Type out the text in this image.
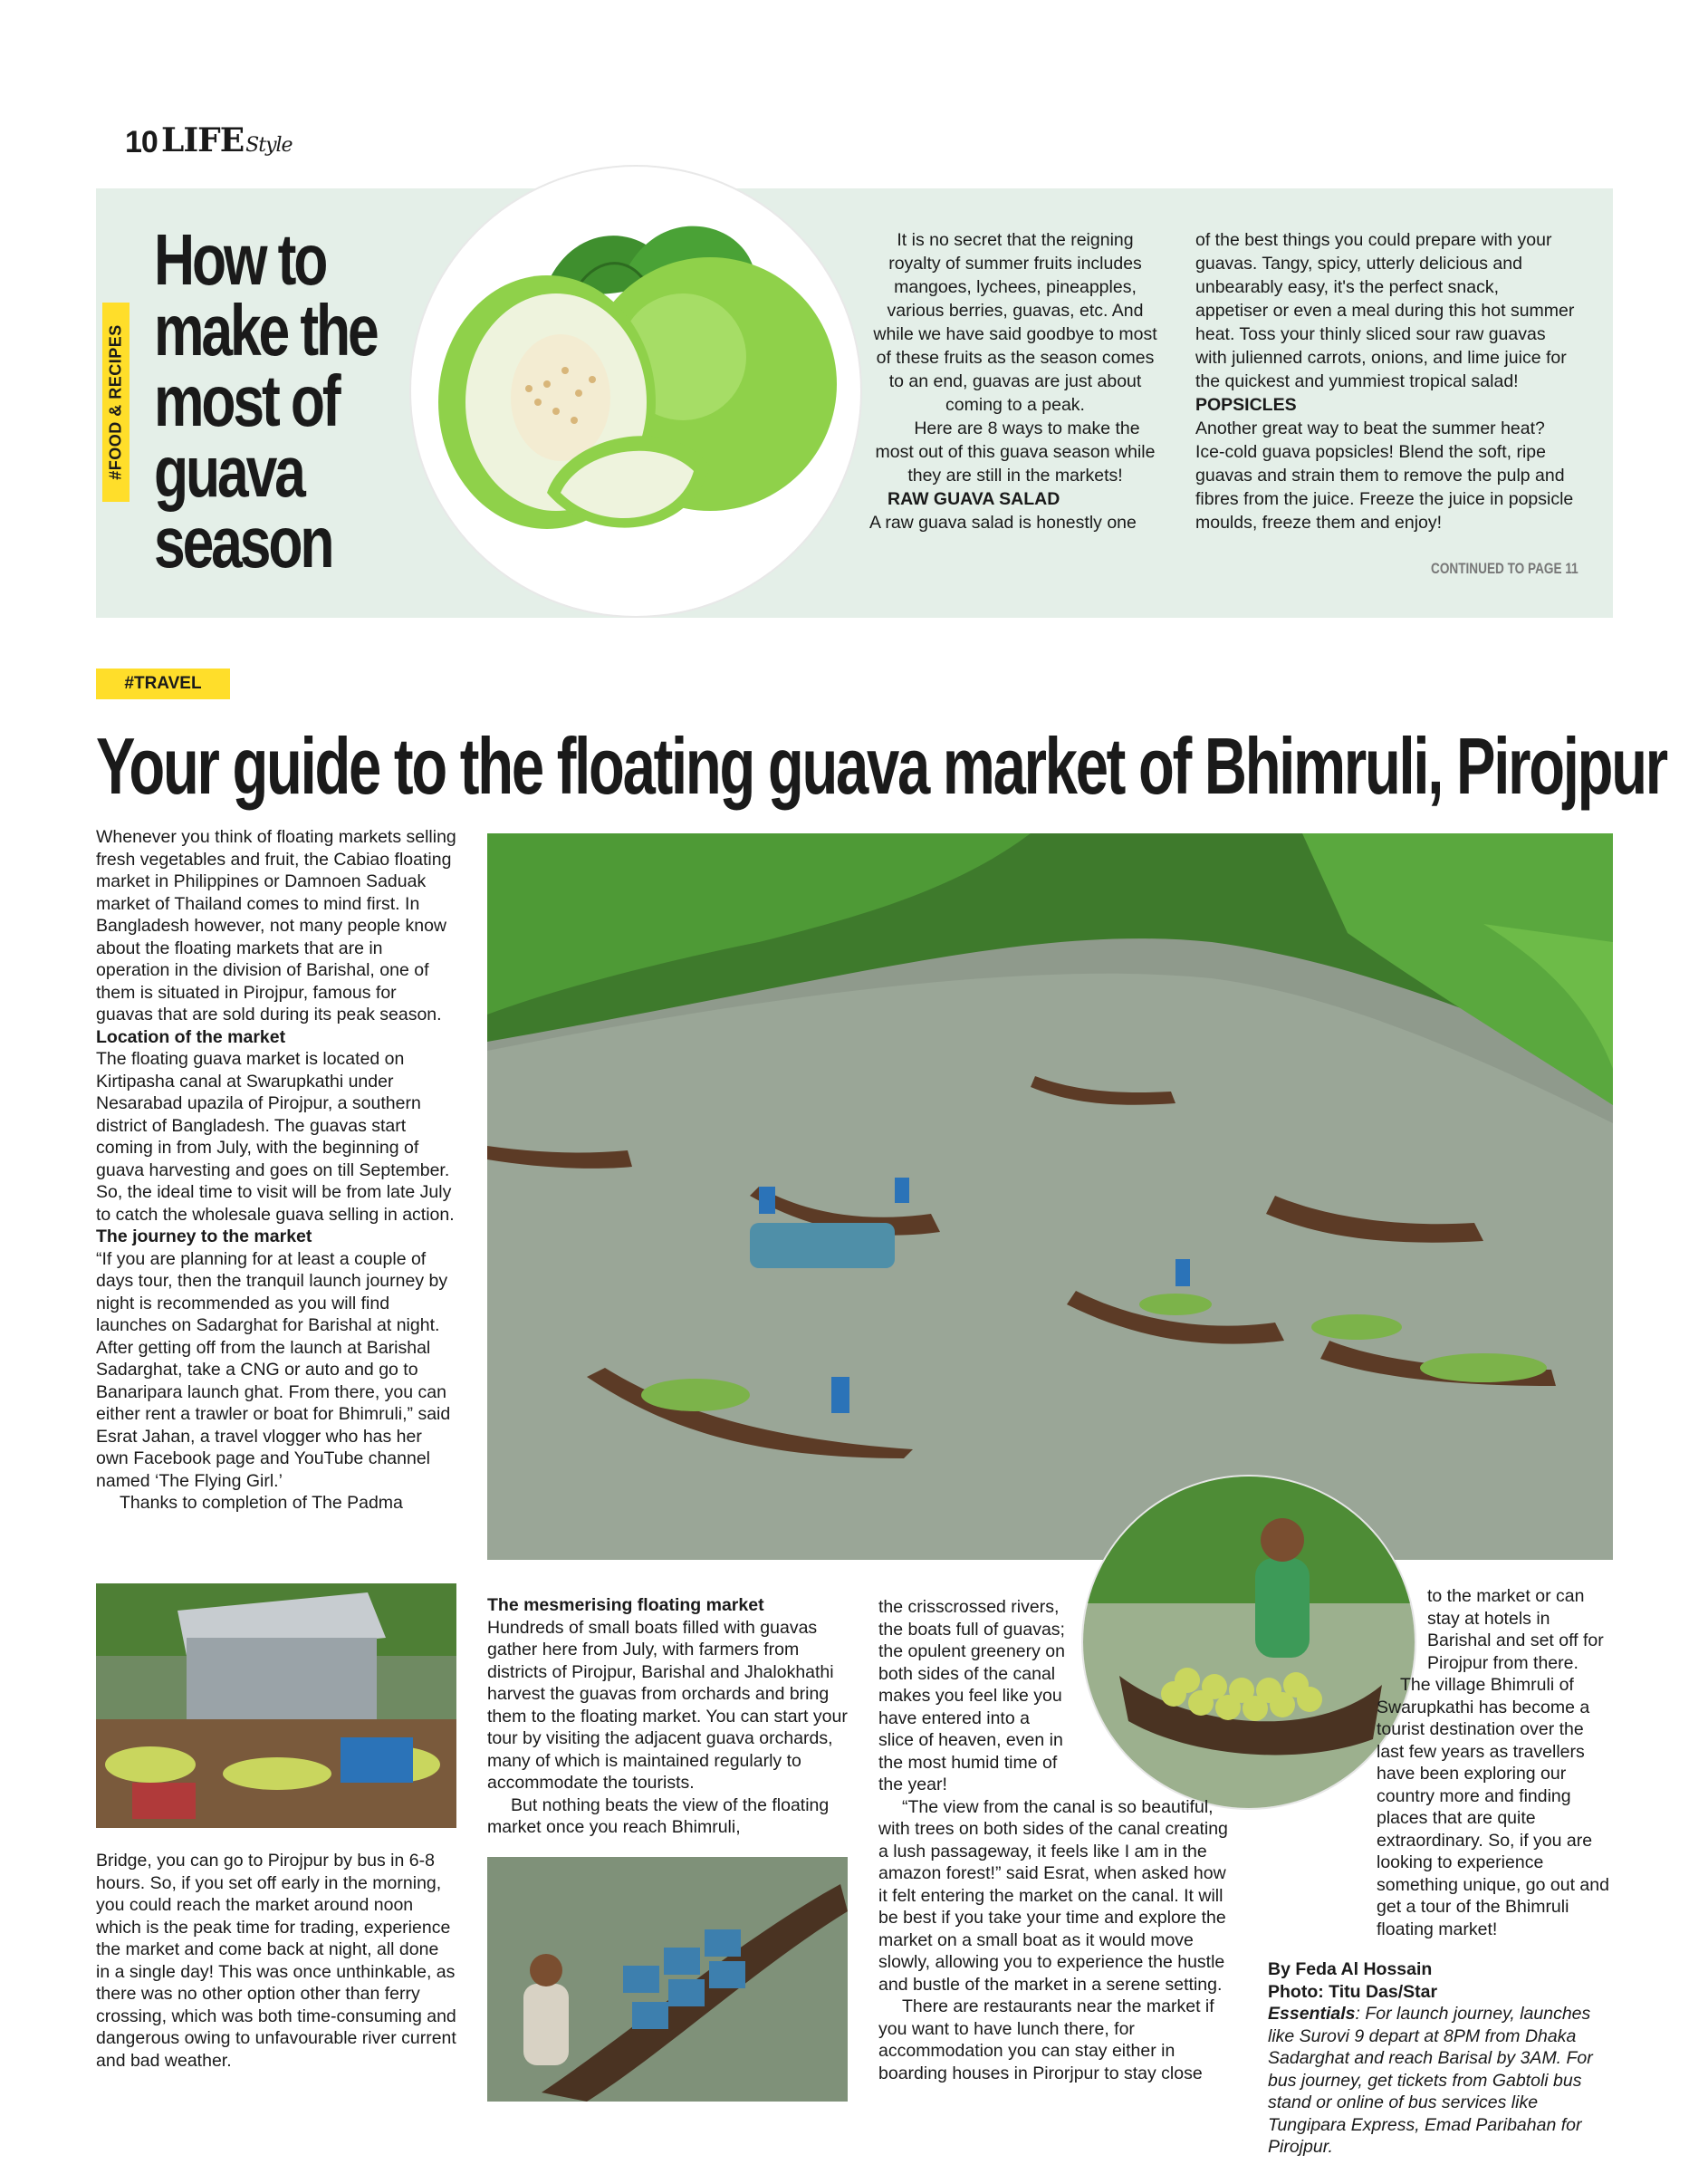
10 LIFEStyle
#FOOD & RECIPES
How to make the most of guava season

It is no secret that the reigning royalty of summer fruits includes mangoes, lychees, pineapples, various berries, guavas, etc. And while we have said goodbye to most of these fruits as the season comes to an end, guavas are just about coming to a peak.

Here are 8 ways to make the most out of this guava season while they are still in the markets!

RAW GUAVA SALAD

A raw guava salad is honestly one

of the best things you could prepare with your guavas. Tangy, spicy, utterly delicious and unbearably easy, it's the perfect snack, appetiser or even a meal during this hot summer heat. Toss your thinly sliced sour raw guavas with julienned carrots, onions, and lime juice for the quickest and yummiest tropical salad!

POPSICLES

Another great way to beat the summer heat? Ice-cold guava popsicles! Blend the soft, ripe guavas and strain them to remove the pulp and fibres from the juice. Freeze the juice in popsicle moulds, freeze them and enjoy!

CONTINUED TO PAGE 11
#TRAVEL
Your guide to the floating guava market of Bhimruli, Pirojpur

Whenever you think of floating markets selling fresh vegetables and fruit, the Cabiao floating market in Philippines or Damnoen Saduak market of Thailand comes to mind first. In Bangladesh however, not many people know about the floating markets that are in operation in the division of Barishal, one of them is situated in Pirojpur, famous for guavas that are sold during its peak season.

Location of the market

The floating guava market is located on Kirtipasha canal at Swarupkathi under Nesarabad upazila of Pirojpur, a southern district of Bangladesh. The guavas start coming in from July, with the beginning of guava harvesting and goes on till September. So, the ideal time to visit will be from late July to catch the wholesale guava selling in action.

The journey to the market

“If you are planning for at least a couple of days tour, then the tranquil launch journey by night is recommended as you will find launches on Sadarghat for Barishal at night. After getting off from the launch at Barishal Sadarghat, take a CNG or auto and go to Banaripara launch ghat. From there, you can either rent a trawler or boat for Bhimruli,” said Esrat Jahan, a travel vlogger who has her own Facebook page and YouTube channel named ‘The Flying Girl.’

Thanks to completion of The Padma

Bridge, you can go to Pirojpur by bus in 6-8 hours. So, if you set off early in the morning, you could reach the market around noon which is the peak time for trading, experience the market and come back at night, all done in a single day! This was once unthinkable, as there was no other option other than ferry crossing, which was both time-consuming and dangerous owing to unfavourable river current and bad weather.

The mesmerising floating market

Hundreds of small boats filled with guavas gather here from July, with farmers from districts of Pirojpur, Barishal and Jhalokhathi harvest the guavas from orchards and bring them to the floating market. You can start your tour by visiting the adjacent guava orchards, many of which is maintained regularly to accommodate the tourists.

But nothing beats the view of the floating market once you reach Bhimruli,

the crisscrossed rivers, the boats full of guavas; the opulent greenery on both sides of the canal makes you feel like you have entered into a slice of heaven, even in the most humid time of the year!

“The view from the canal is so beautiful, with trees on both sides of the canal creating a lush passageway, it feels like I am in the amazon forest!” said Esrat, when asked how it felt entering the market on the canal. It will be best if you take your time and explore the market on a small boat as it would move slowly, allowing you to experience the hustle and bustle of the market in a serene setting.

There are restaurants near the market if you want to have lunch there, for accommodation you can stay either in boarding houses in Pirorjpur to stay close

to the market or can stay at hotels in Barishal and set off for Pirojpur from there.

The village Bhimruli of Swarupkathi has become a tourist destination over the last few years as travellers have been exploring our country more and finding places that are quite extraordinary. So, if you are looking to experience something unique, go out and get a tour of the Bhimruli floating market!

By Feda Al Hossain

Photo: Titu Das/Star

Essentials: For launch journey, launches like Surovi 9 depart at 8PM from Dhaka Sadarghat and reach Barisal by 3AM. For bus journey, get tickets from Gabtoli bus stand or online of bus services like Tungipara Express, Emad Paribahan for Pirojpur.
